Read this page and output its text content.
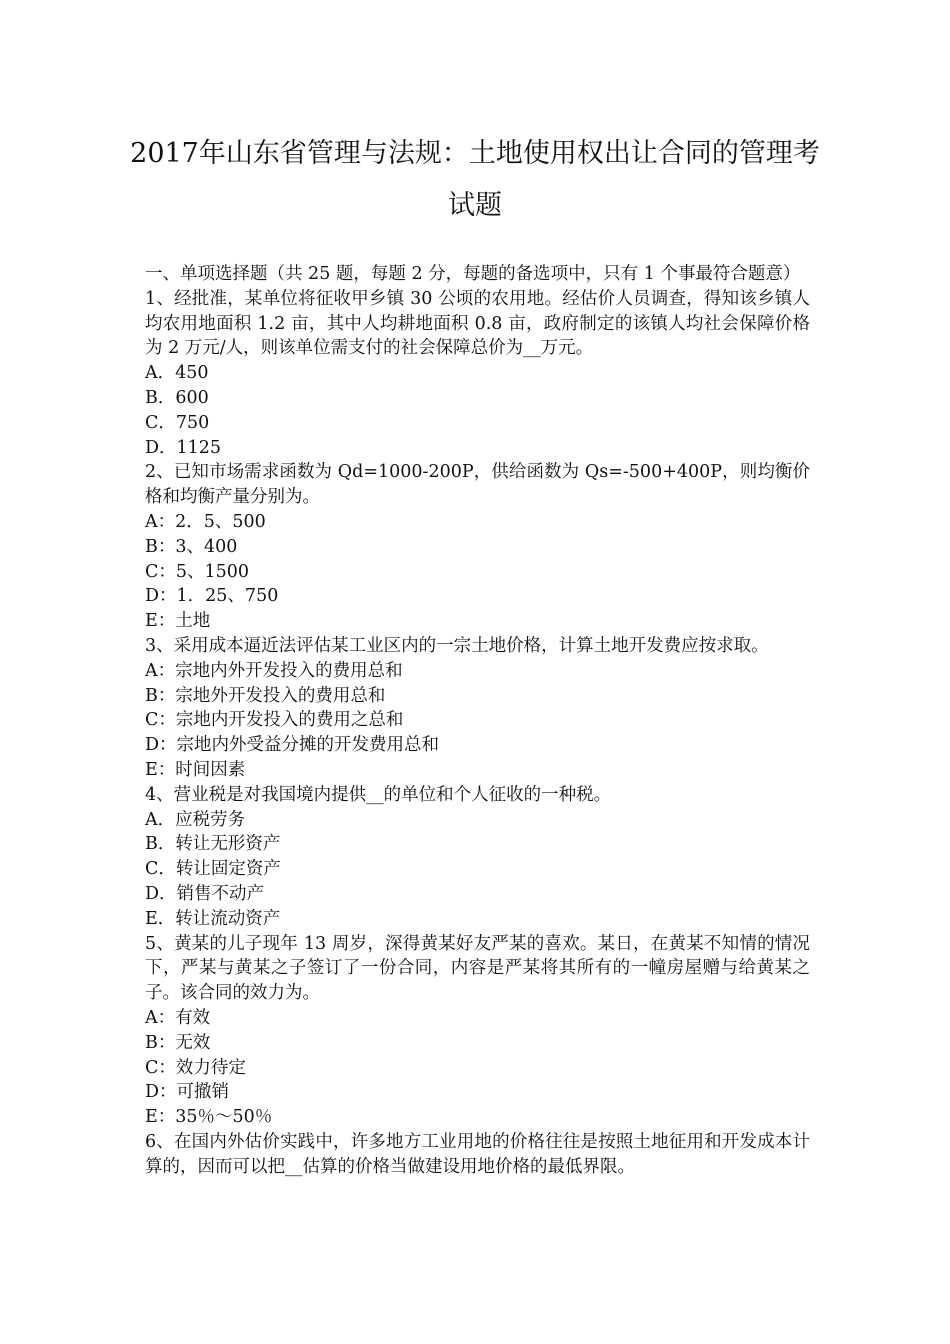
2017年山东省管理与法规：土地使用权出让合同的管理考
试题
一、单项选择题（共 25 题，每题 2 分，每题的备选项中，只有 1 个事最符合题意）
1、经批准，某单位将征收甲乡镇 30 公顷的农用地。经估价人员调查，得知该乡镇人均农用地面积 1.2 亩，其中人均耕地面积 0.8 亩，政府制定的该镇人均社会保障价格为 2 万元/人，则该单位需支付的社会保障总价为__万元。
A．450
B．600
C．750
D．1125
2、已知市场需求函数为 Qd=1000-200P，供给函数为 Qs=-500+400P，则均衡价格和均衡产量分别为。
A：2．5、500
B：3、400
C：5、1500
D：1．25、750
E：土地
3、采用成本逼近法评估某工业区内的一宗土地价格，计算土地开发费应按求取。
A：宗地内外开发投入的费用总和
B：宗地外开发投入的费用总和
C：宗地内开发投入的费用之总和
D：宗地内外受益分摊的开发费用总和
E：时间因素
4、营业税是对我国境内提供__的单位和个人征收的一种税。
A．应税劳务
B．转让无形资产
C．转让固定资产
D．销售不动产
E．转让流动资产
5、黄某的儿子现年 13 周岁，深得黄某好友严某的喜欢。某日，在黄某不知情的情况下，严某与黄某之子签订了一份合同，内容是严某将其所有的一幢房屋赠与给黄某之子。该合同的效力为。
A：有效
B：无效
C：效力待定
D：可撤销
E：35％～50％
6、在国内外估价实践中，许多地方工业用地的价格往往是按照土地征用和开发成本计算的，因而可以把__估算的价格当做建设用地价格的最低界限。
